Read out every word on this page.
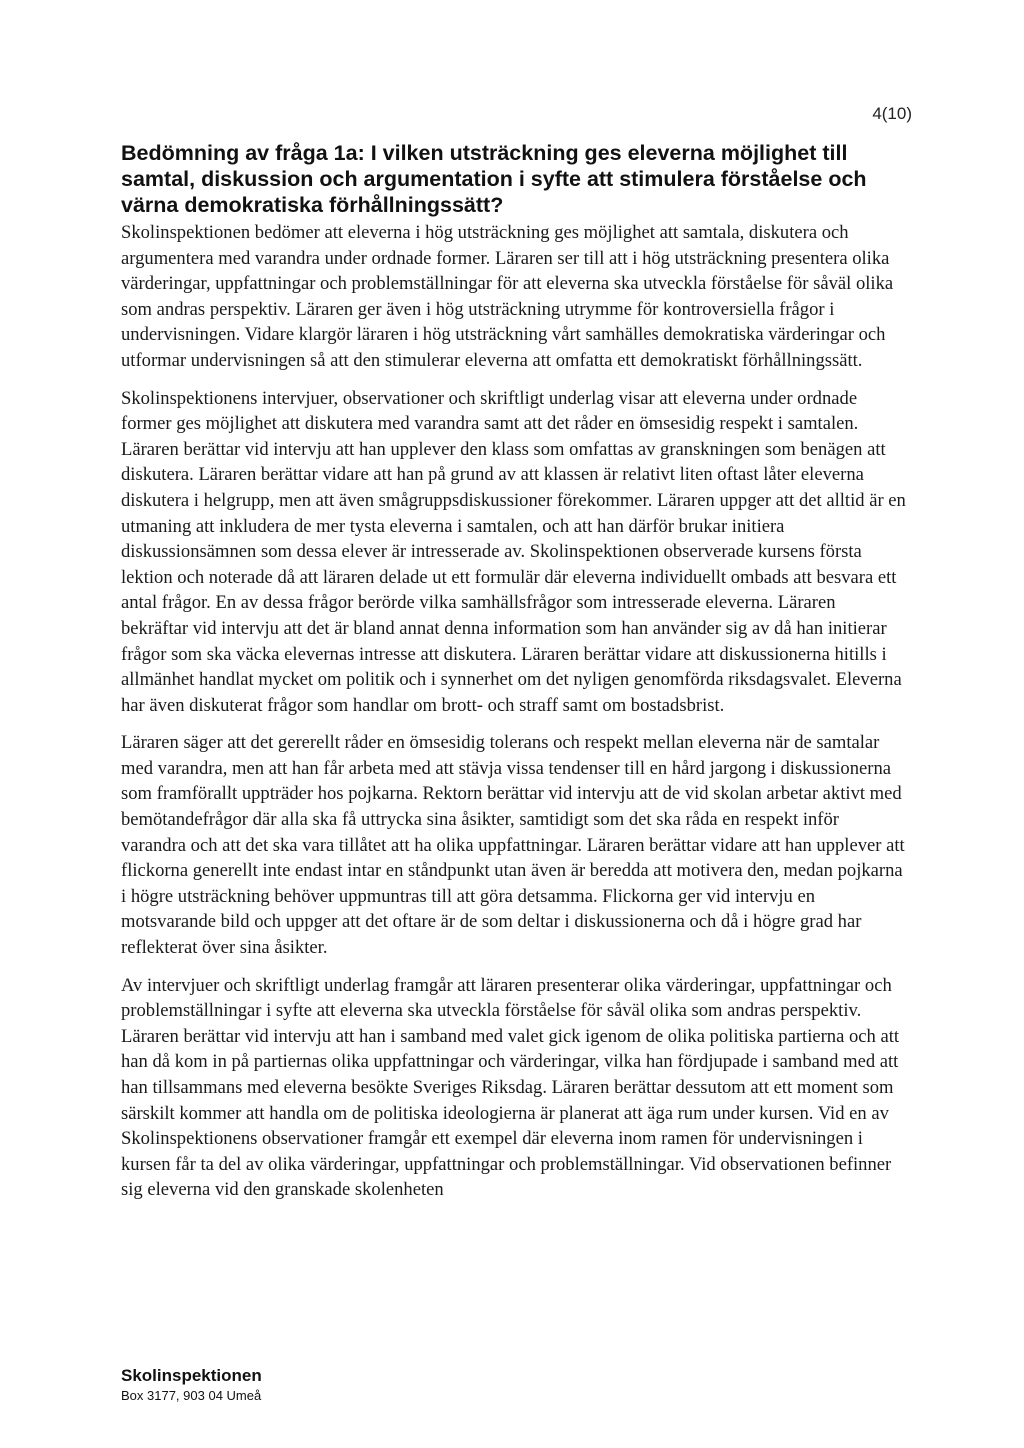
4(10)
Bedömning av fråga 1a: I vilken utsträckning ges eleverna möjlighet till samtal, diskussion och argumentation i syfte att stimulera förståelse och värna demokratiska förhållningssätt?

Skolinspektionen bedömer att eleverna i hög utsträckning ges möjlighet att samtala, diskutera och argumentera med varandra under ordnade former. Läraren ser till att i hög utsträckning presentera olika värderingar, uppfattningar och problemställningar för att eleverna ska utveckla förståelse för såväl olika som andras perspektiv. Läraren ger även i hög utsträckning utrymme för kontroversiella frågor i undervisningen. Vidare klargör läraren i hög utsträckning vårt samhälles demokratiska värderingar och utformar undervisningen så att den stimulerar eleverna att omfatta ett demokratiskt förhållningssätt.

Skolinspektionens intervjuer, observationer och skriftligt underlag visar att eleverna under ordnade former ges möjlighet att diskutera med varandra samt att det råder en ömsesidig respekt i samtalen. Läraren berättar vid intervju att han upplever den klass som omfattas av granskningen som benägen att diskutera. Läraren berättar vidare att han på grund av att klassen är relativt liten oftast låter eleverna diskutera i helgrupp, men att även smågruppsdiskussioner förekommer. Läraren uppger att det alltid är en utmaning att inkludera de mer tysta eleverna i samtalen, och att han därför brukar initiera diskussionsämnen som dessa elever är intresserade av. Skolinspektionen observerade kursens första lektion och noterade då att läraren delade ut ett formulär där eleverna individuellt ombads att besvara ett antal frågor. En av dessa frågor berörde vilka samhällsfrågor som intresserade eleverna. Läraren bekräftar vid intervju att det är bland annat denna information som han använder sig av då han initierar frågor som ska väcka elevernas intresse att diskutera. Läraren berättar vidare att diskussionerna hitills i allmänhet handlat mycket om politik och i synnerhet om det nyligen genomförda riksdagsvalet. Eleverna har även diskuterat frågor som handlar om brott- och straff samt om bostadsbrist.

Läraren säger att det gererellt råder en ömsesidig tolerans och respekt mellan eleverna när de samtalar med varandra, men att han får arbeta med att stävja vissa tendenser till en hård jargong i diskussionerna som framförallt uppträder hos pojkarna. Rektorn berättar vid intervju att de vid skolan arbetar aktivt med bemötandefrågor där alla ska få uttrycka sina åsikter, samtidigt som det ska råda en respekt inför varandra och att det ska vara tillåtet att ha olika uppfattningar. Läraren berättar vidare att han upplever att flickorna generellt inte endast intar en ståndpunkt utan även är beredda att motivera den, medan pojkarna i högre utsträckning behöver uppmuntras till att göra detsamma. Flickorna ger vid intervju en motsvarande bild och uppger att det oftare är de som deltar i diskussionerna och då i högre grad har reflekterat över sina åsikter.

Av intervjuer och skriftligt underlag framgår att läraren presenterar olika värderingar, uppfattningar och problemställningar i syfte att eleverna ska utveckla förståelse för såväl olika som andras perspektiv. Läraren berättar vid intervju att han i samband med valet gick igenom de olika politiska partierna och att han då kom in på partiernas olika uppfattningar och värderingar, vilka han fördjupade i samband med att han tillsammans med eleverna besökte Sveriges Riksdag. Läraren berättar dessutom att ett moment som särskilt kommer att handla om de politiska ideologierna är planerat att äga rum under kursen. Vid en av Skolinspektionens observationer framgår ett exempel där eleverna inom ramen för undervisningen i kursen får ta del av olika värderingar, uppfattningar och problemställningar. Vid observationen befinner sig eleverna vid den granskade skolenheten

Skolinspektionen
Box 3177, 903 04 Umeå
